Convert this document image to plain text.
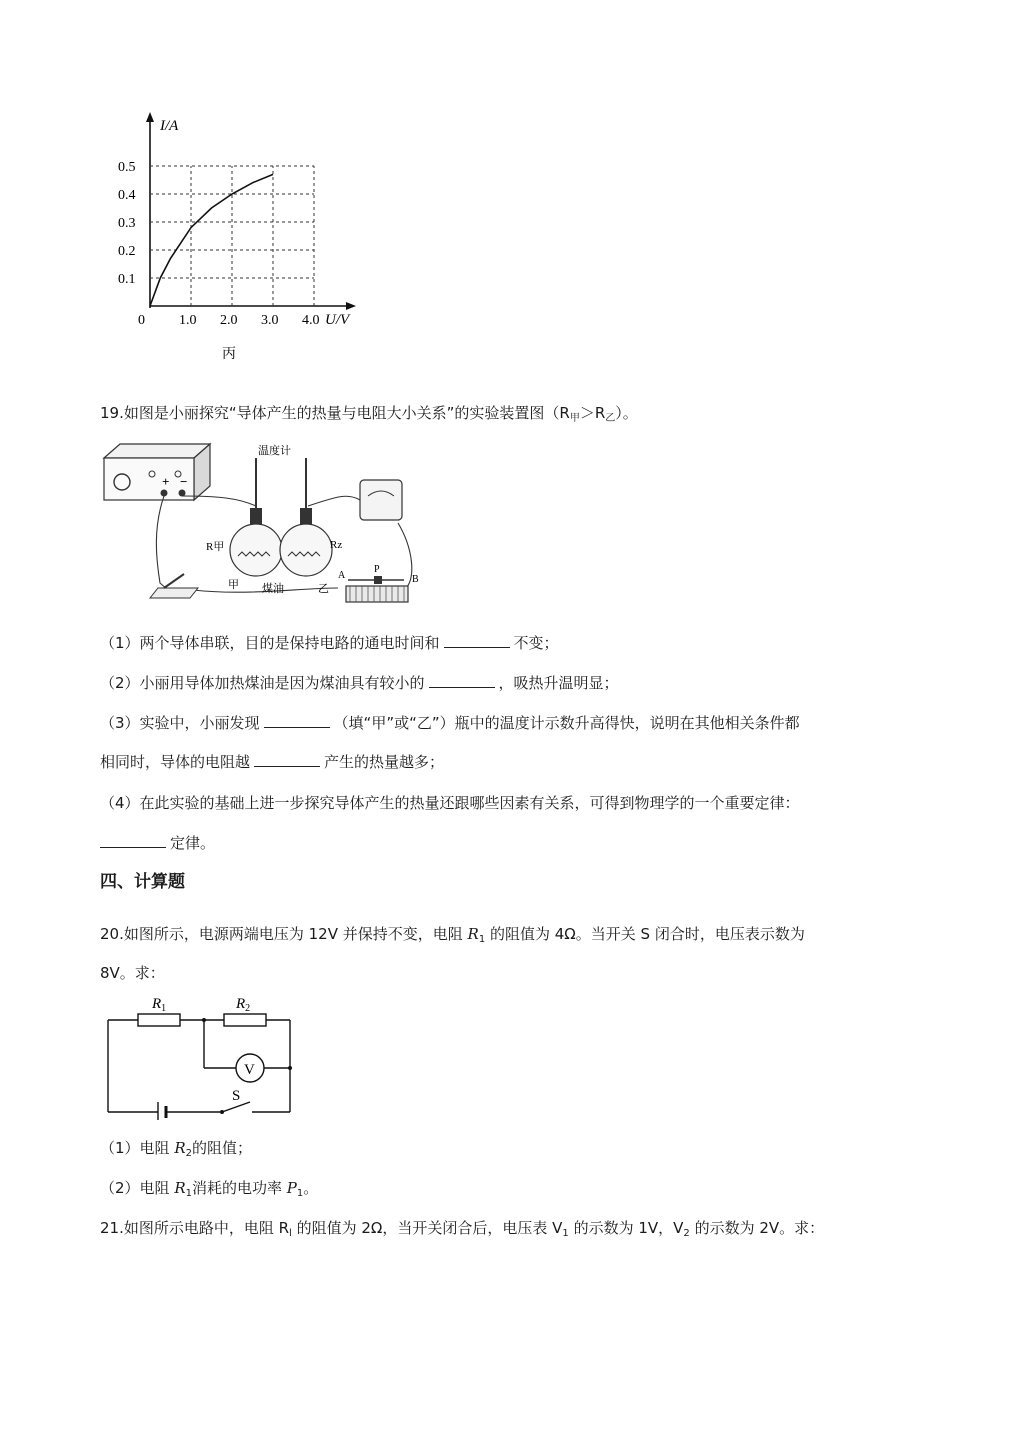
0.5
0.4
0.3
0.2
0.1
0 1.0 2.0 3.0 4.0
I/A
U/V
丙
19.如图是小丽探究“导体产生的热量与电阻大小关系”的实验装置图$(R_甲>R_乙)$。
+ −
温度计
R甲	Rz
甲 煤油	乙
A
P
B
（1）两个导体串联，目的是保持电路的通电时间和	不变；
（2）小丽用导体加热煤油是因为煤油具有较小的	，吸热升温明显；
（3）实验中，小丽发现	（填“甲”或“乙”）瓶中的温度计示数升高得快，说明在其他相关条件都
相同时，导体的电阻越	产生的热量越多；
（4）在此实验的基础上进一步探究导体产生的热量还跟哪些因素有关系，可得到物理学的一个重要定律：
定律。
四、计算题
20.如图所示，电源两端电压为 12V 并保持不变，电阻 $R_1$ 的阻值为 4Ω。当开关 S 闭合时，电压表示数为
8V。求：
V
S
$R_1$	$R_2$
（1）电阻 $R_2$的阻值；
（2）电阻 $R_1$消耗的电功率 $P_1$。
21.如图所示电路中，电阻 $R_l$ 的阻值为 2Ω，当开关闭合后，电压表 $V_1$ 的示数为 1V，$V_2$ 的示数为 2V。求：
